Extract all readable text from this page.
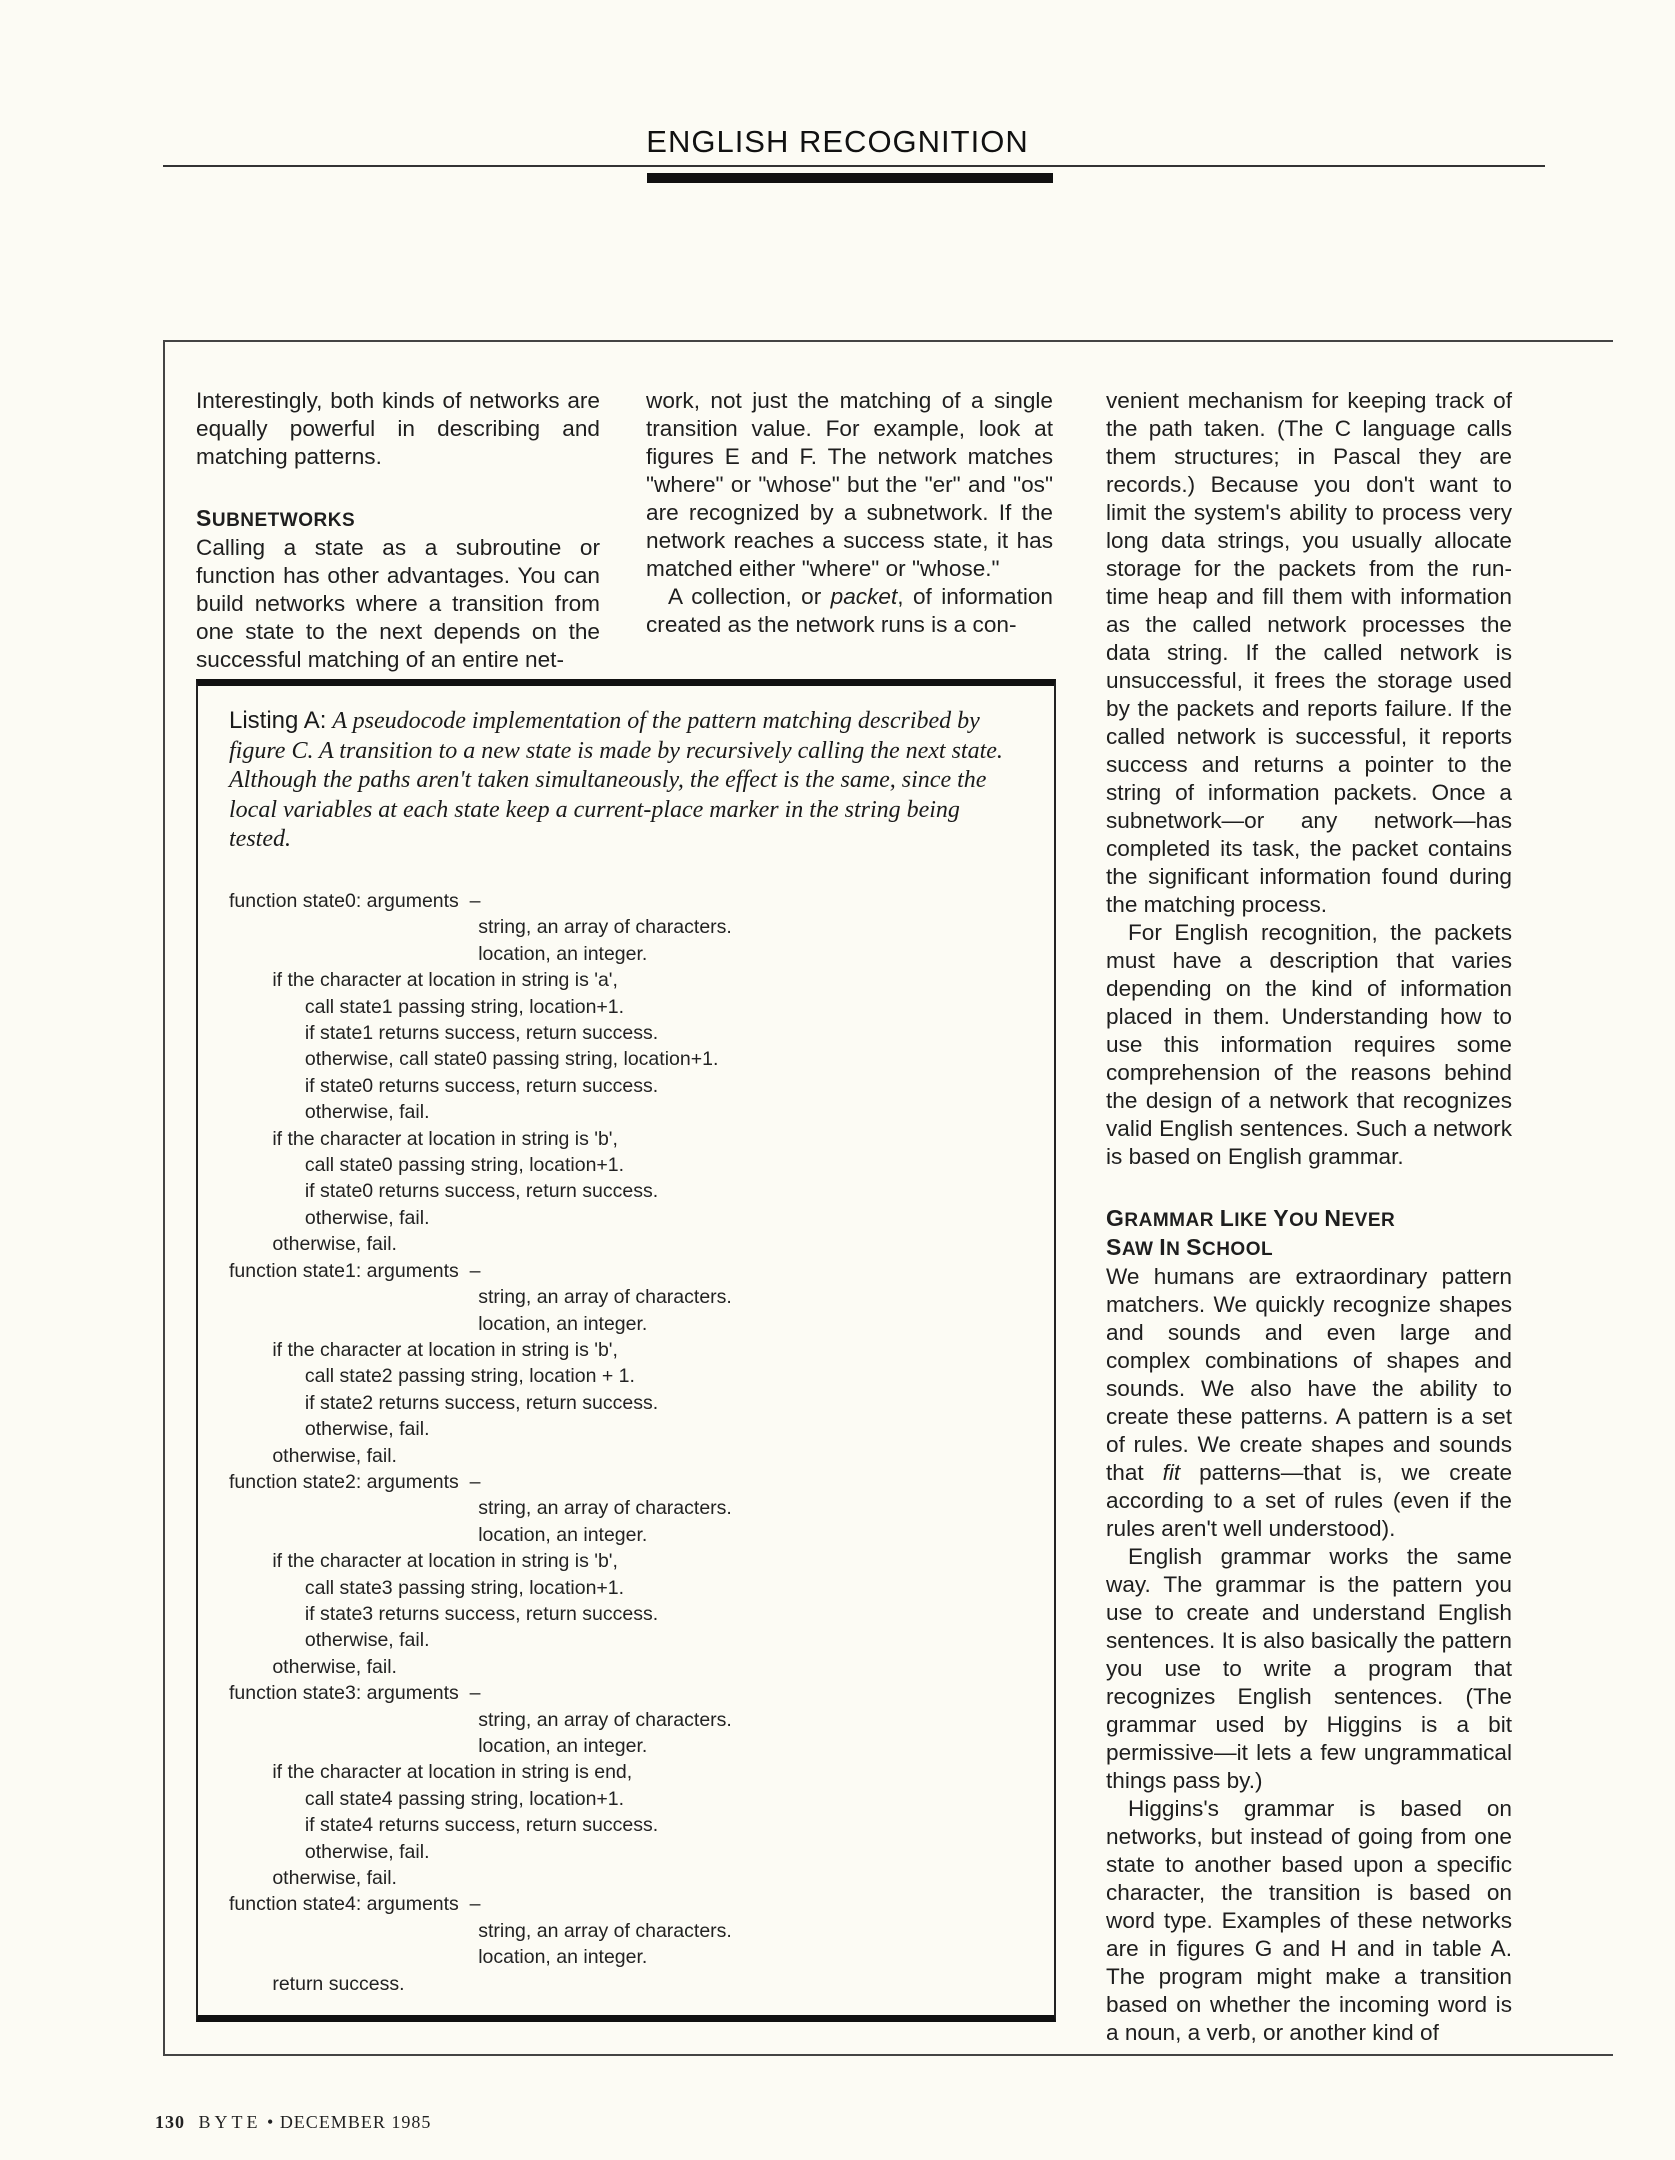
ENGLISH RECOGNITION

Interestingly, both kinds of networks are equally powerful in describing and matching patterns.

SUBNETWORKS

Calling a state as a subroutine or function has other advantages. You can build networks where a transition from one state to the next depends on the successful matching of an entire net-

work, not just the matching of a single transition value. For example, look at figures E and F. The network matches "where" or "whose" but the "er" and "os" are recognized by a subnetwork. If the network reaches a success state, it has matched either "where" or "whose."

A collection, or packet, of information created as the network runs is a con-

venient mechanism for keeping track of the path taken. (The C language calls them structures; in Pascal they are records.) Because you don't want to limit the system's ability to process very long data strings, you usually allocate storage for the packets from the run-time heap and fill them with information as the called network processes the data string. If the called network is unsuccessful, it frees the storage used by the packets and reports failure. If the called network is successful, it reports success and returns a pointer to the string of information packets. Once a subnetwork—or any network—has completed its task, the packet contains the significant information found during the matching process.

For English recognition, the packets must have a description that varies depending on the kind of information placed in them. Understanding how to use this information requires some comprehension of the reasons behind the design of a network that recognizes valid English sentences. Such a network is based on English grammar.

GRAMMAR LIKE YOU NEVER
SAW IN SCHOOL

We humans are extraordinary pattern matchers. We quickly recognize shapes and sounds and even large and complex combinations of shapes and sounds. We also have the ability to create these patterns. A pattern is a set of rules. We create shapes and sounds that fit patterns—that is, we create according to a set of rules (even if the rules aren't well understood).

English grammar works the same way. The grammar is the pattern you use to create and understand English sentences. It is also basically the pattern you use to write a program that recognizes English sentences. (The grammar used by Higgins is a bit permissive—it lets a few ungrammatical things pass by.)

Higgins's grammar is based on networks, but instead of going from one state to another based upon a specific character, the transition is based on word type. Examples of these networks are in figures G and H and in table A. The program might make a transition based on whether the incoming word is a noun, a verb, or another kind of

Listing A: A pseudocode implementation of the pattern matching described by figure C. A transition to a new state is made by recursively calling the next state. Although the paths aren't taken simultaneously, the effect is the same, since the local variables at each state keep a current-place marker in the string being tested.
function state0: arguments  –
string, an array of characters.
location, an integer.
if the character at location in string is 'a',
call state1 passing string, location+1.
if state1 returns success, return success.
otherwise, call state0 passing string, location+1.
if state0 returns success, return success.
otherwise, fail.
if the character at location in string is 'b',
call state0 passing string, location+1.
if state0 returns success, return success.
otherwise, fail.
otherwise, fail.
function state1: arguments  –
string, an array of characters.
location, an integer.
if the character at location in string is 'b',
call state2 passing string, location + 1.
if state2 returns success, return success.
otherwise, fail.
otherwise, fail.
function state2: arguments  –
string, an array of characters.
location, an integer.
if the character at location in string is 'b',
call state3 passing string, location+1.
if state3 returns success, return success.
otherwise, fail.
otherwise, fail.
function state3: arguments  –
string, an array of characters.
location, an integer.
if the character at location in string is end,
call state4 passing string, location+1.
if state4 returns success, return success.
otherwise, fail.
otherwise, fail.
function state4: arguments  –
string, an array of characters.
location, an integer.
return success.
130 BYTE • DECEMBER 1985
